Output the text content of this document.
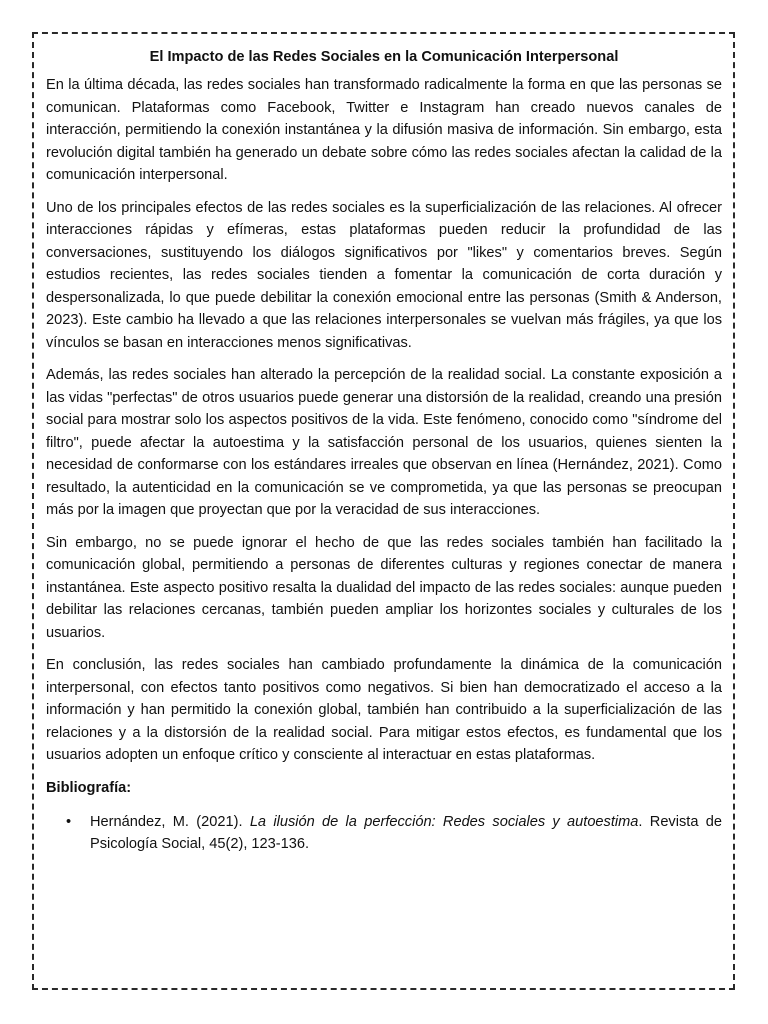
El Impacto de las Redes Sociales en la Comunicación Interpersonal

En la última década, las redes sociales han transformado radicalmente la forma en que las personas se comunican. Plataformas como Facebook, Twitter e Instagram han creado nuevos canales de interacción, permitiendo la conexión instantánea y la difusión masiva de información. Sin embargo, esta revolución digital también ha generado un debate sobre cómo las redes sociales afectan la calidad de la comunicación interpersonal.

Uno de los principales efectos de las redes sociales es la superficialización de las relaciones. Al ofrecer interacciones rápidas y efímeras, estas plataformas pueden reducir la profundidad de las conversaciones, sustituyendo los diálogos significativos por "likes" y comentarios breves. Según estudios recientes, las redes sociales tienden a fomentar la comunicación de corta duración y despersonalizada, lo que puede debilitar la conexión emocional entre las personas (Smith & Anderson, 2023). Este cambio ha llevado a que las relaciones interpersonales se vuelvan más frágiles, ya que los vínculos se basan en interacciones menos significativas.

Además, las redes sociales han alterado la percepción de la realidad social. La constante exposición a las vidas "perfectas" de otros usuarios puede generar una distorsión de la realidad, creando una presión social para mostrar solo los aspectos positivos de la vida. Este fenómeno, conocido como "síndrome del filtro", puede afectar la autoestima y la satisfacción personal de los usuarios, quienes sienten la necesidad de conformarse con los estándares irreales que observan en línea (Hernández, 2021). Como resultado, la autenticidad en la comunicación se ve comprometida, ya que las personas se preocupan más por la imagen que proyectan que por la veracidad de sus interacciones.

Sin embargo, no se puede ignorar el hecho de que las redes sociales también han facilitado la comunicación global, permitiendo a personas de diferentes culturas y regiones conectar de manera instantánea. Este aspecto positivo resalta la dualidad del impacto de las redes sociales: aunque pueden debilitar las relaciones cercanas, también pueden ampliar los horizontes sociales y culturales de los usuarios.

En conclusión, las redes sociales han cambiado profundamente la dinámica de la comunicación interpersonal, con efectos tanto positivos como negativos. Si bien han democratizado el acceso a la información y han permitido la conexión global, también han contribuido a la superficialización de las relaciones y a la distorsión de la realidad social. Para mitigar estos efectos, es fundamental que los usuarios adopten un enfoque crítico y consciente al interactuar en estas plataformas.

Bibliografía:
• Hernández, M. (2021). La ilusión de la perfección: Redes sociales y autoestima. Revista de Psicología Social, 45(2), 123-136.
